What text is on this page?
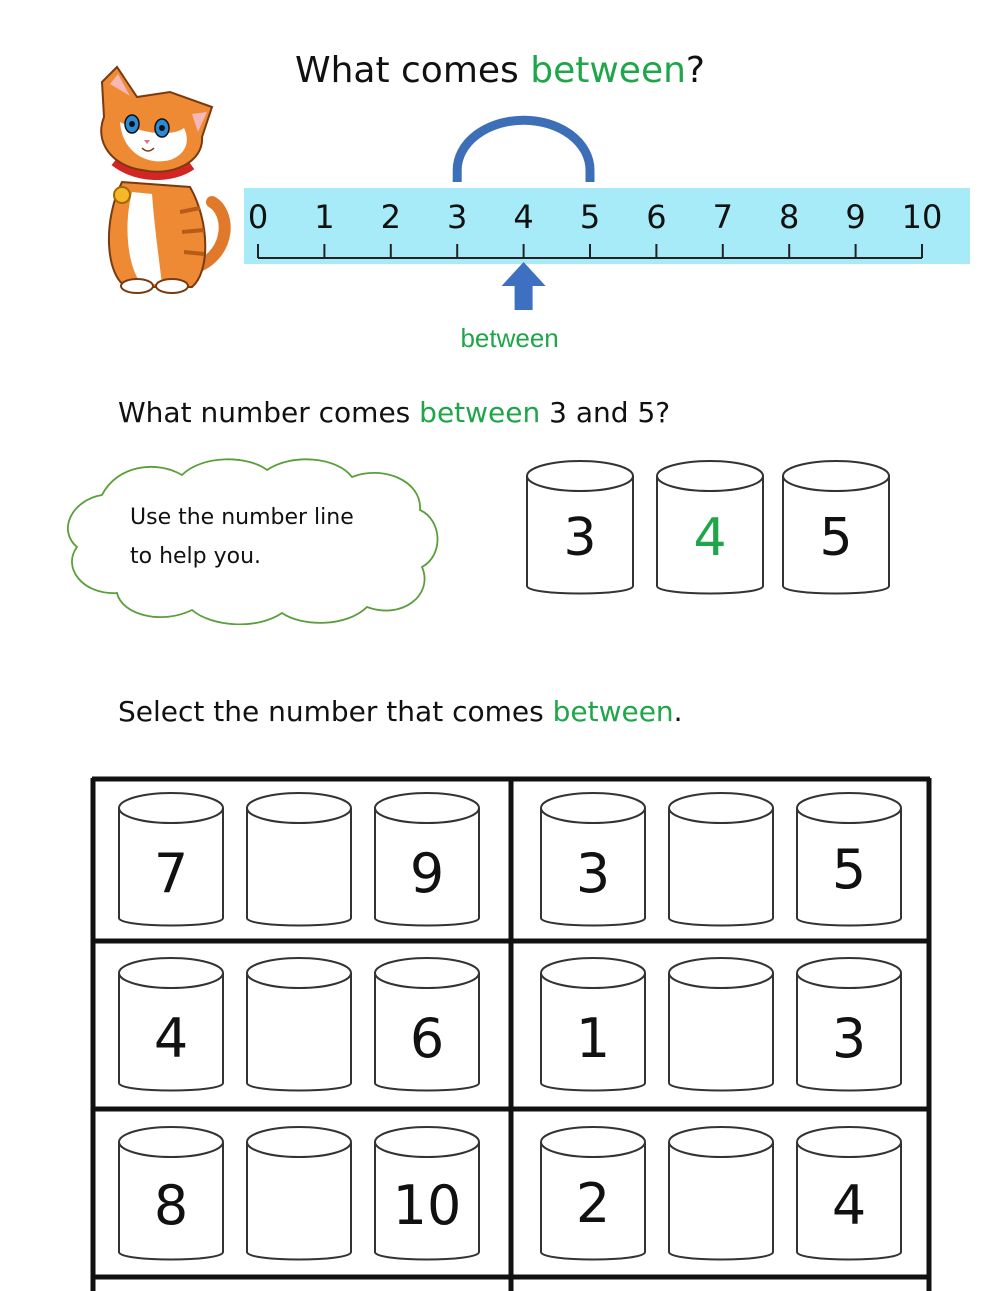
What comes between?
0 1 2 3 4 5 6 7 8 9 10
between
What number comes between 3 and 5?
Use the number line
to help you.	3	4	5
Select the number that comes between.
7	9	3	5
4	6	1	3
8	10	2	4
